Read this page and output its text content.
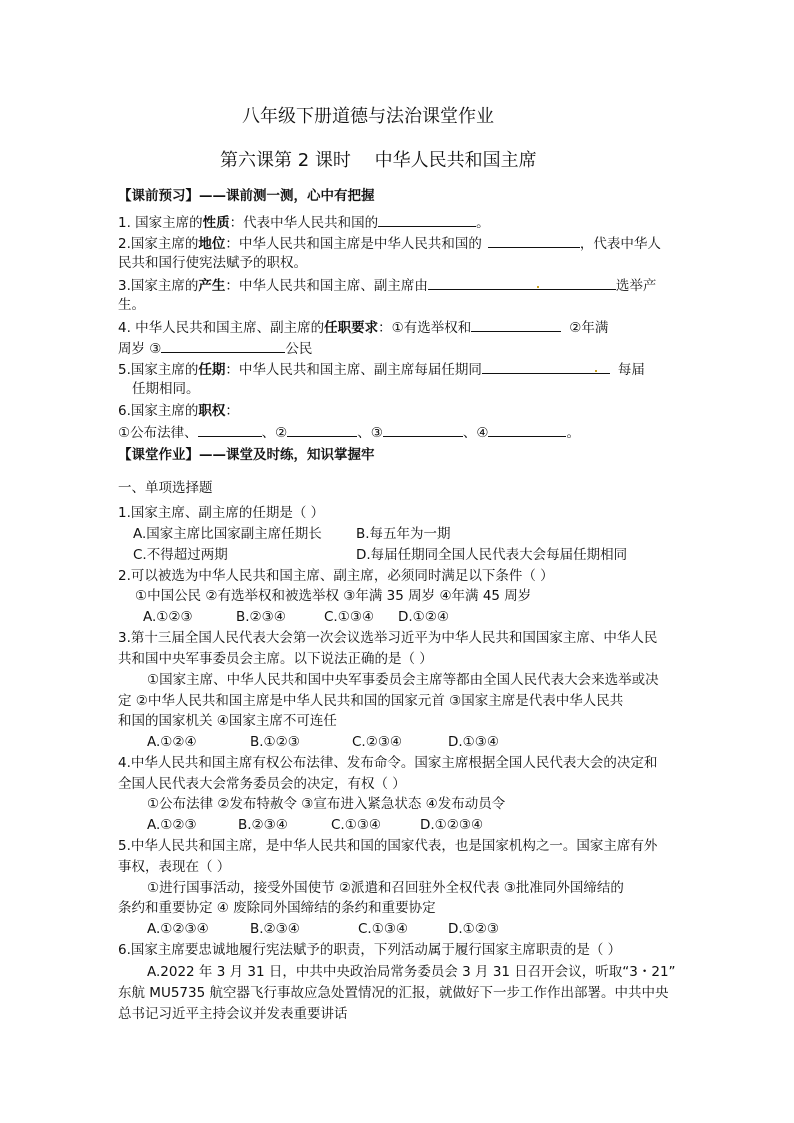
八年级下册道德与法治课堂作业
第六课第 2 课时 中华人民共和国主席
【课前预习】——课前测一测，心中有把握
1. 国家主席的性质：代表中华人民共和国的	。
2.国家主席的地位：中华人民共和国主席是中华人民共和国的	，代表中华人
民共和国行使宪法赋予的职权。
3.国家主席的产生：中华人民共和国主席、副主席由	选举产
生。
4. 中华人民共和国主席、副主席的任职要求：①有选举权和	②年满
周岁 ③	公民
5.国家主席的任期：中华人民共和国主席、副主席每届任期同	每届
任期相同。
6.国家主席的职权：
①公布法律、	、②	、③	、④	。
【课堂作业】——课堂及时练，知识掌握牢
一、单项选择题
1.国家主席、副主席的任期是（ ）
A.国家主席比国家副主席任期长	B.每五年为一期
C.不得超过两期	D.每届任期同全国人民代表大会每届任期相同
2.可以被选为中华人民共和国主席、副主席，必须同时满足以下条件（ ）
①中国公民 ②有选举权和被选举权 ③年满 35 周岁 ④年满 45 周岁
A.①②③	B.②③④	C.①③④ D.①②④
3.第十三届全国人民代表大会第一次会议选举习近平为中华人民共和国国家主席、中华人民
共和国中央军事委员会主席。以下说法正确的是（ ）
①国家主席、中华人民共和国中央军事委员会主席等都由全国人民代表大会来选举或决
定 ②中华人民共和国主席是中华人民共和国的国家元首 ③国家主席是代表中华人民共
和国的国家机关 ④国家主席不可连任
A.①②④	B.①②③	C.②③④	D.①③④
4.中华人民共和国主席有权公布法律、发布命令。国家主席根据全国人民代表大会的决定和
全国人民代表大会常务委员会的决定，有权（ ）
①公布法律 ②发布特赦令 ③宣布进入紧急状态 ④发布动员令
A.①②③	B.②③④	C.①③④	D.①②③④
5.中华人民共和国主席，是中华人民共和国的国家代表，也是国家机构之一。国家主席有外
事权，表现在（ ）
①进行国事活动，接受外国使节 ②派遣和召回驻外全权代表 ③批准同外国缔结的
条约和重要协定 ④ 废除同外国缔结的条约和重要协定
A.①②③④	B.②③④	C.①③④	D.①②③
6.国家主席要忠诚地履行宪法赋予的职责，下列活动属于履行国家主席职责的是（ ）
A.2022 年 3 月 31 日，中共中央政治局常务委员会 3 月 31 日召开会议，听取“3・21”
东航 MU5735 航空器飞行事故应急处置情况的汇报，就做好下一步工作作出部署。中共中央
总书记习近平主持会议并发表重要讲话
